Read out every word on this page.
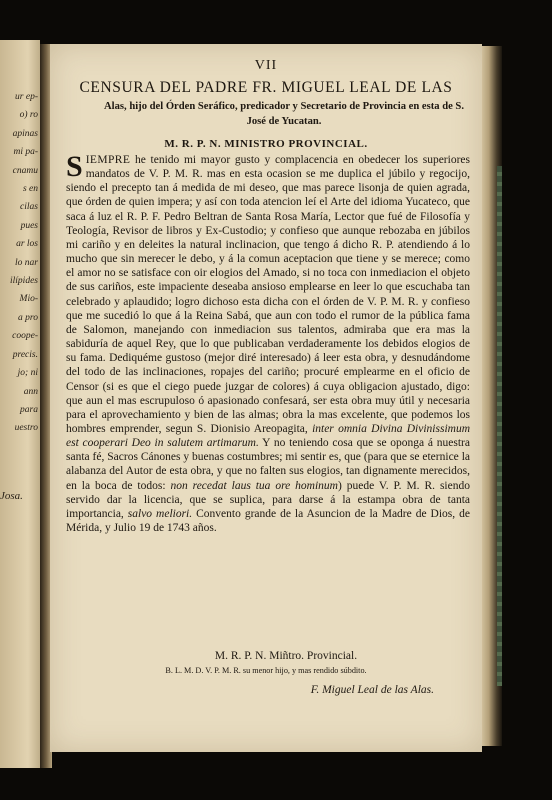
ur ep-
o) ro
apinas
mi pa-
cnamu
s en
cilas
pues
ar los
lo nar
ilípides
Mio-
a pro
coope-
precis.
jo; ni
ann
para
uestro
Josa.
VII
CENSURA DEL PADRE FR. MIGUEL LEAL DE LAS
Alas, hijo del Órden Seráfico, predicador y Secretario de Provincia en esta de S. José de Yucatan.
M. R. P. N. MINISTRO PROVINCIAL.
SIEMPRE he tenido mi mayor gusto y complacencia en obedecer los superiores mandatos de V. P. M. R. mas en esta ocasion se me duplica el júbilo y regocijo, siendo el precepto tan á medida de mi deseo, que mas parece lisonja de quien agrada, que órden de quien impera; y así con toda atencion leí el Arte del idioma Yucateco, que saca á luz el R. P. F. Pedro Beltran de Santa Rosa María, Lector que fué de Filosofía y Teología, Revisor de libros y Ex-Custodio; y confieso que aunque rebozaba en júbilos mi cariño y en deleites la natural inclinacion, que tengo á dicho R. P. atendiendo á lo mucho que sin merecer le debo, y á la comun aceptacion que tiene y se merece; como el amor no se satisface con oir elogios del Amado, si no toca con inmediacion el objeto de sus cariños, este impaciente deseaba ansioso emplearse en leer lo que escuchaba tan celebrado y aplaudido; logro dichoso esta dicha con el órden de V. P. M. R. y confieso que me sucedió lo que á la Reina Sabá, que aun con todo el rumor de la pública fama de Salomon, manejando con inmediacion sus talentos, admiraba que era mas la sabiduría de aquel Rey, que lo que publicaban verdaderamente los debidos elogios de su fama. Dediquéme gustoso (mejor diré interesado) á leer esta obra, y desnudándome del todo de las inclinaciones, ropajes del cariño; procuré emplearme en el oficio de Censor (si es que el ciego puede juzgar de colores) á cuya obligacion ajustado, digo: que aun el mas escrupuloso ó apasionado confesará, ser esta obra muy útil y necesaria para el aprovechamiento y bien de las almas; obra la mas excelente, que podemos los hombres emprender, segun S. Dionisio Areopagita, inter omnia Divina Divinissimum est cooperari Deo in salutem artimarum. Y no teniendo cosa que se oponga á nuestra santa fé, Sacros Cánones y buenas costumbres; mi sentir es, que (para que se eternice la alabanza del Autor de esta obra, y que no falten sus elogios, tan dignamente merecidos, en la boca de todos: non recedat laus tua ore hominum) puede V. P. M. R. siendo servido dar la licencia, que se suplica, para darse á la estampa obra de tanta importancia, salvo meliori. Convento grande de la Asuncion de la Madre de Dios, de Mérida, y Julio 19 de 1743 años.
M. R. P. N. Miñtro. Provincial.
B. L. M. D. V. P. M. R. su menor hijo, y mas rendido súbdito.
F. Miguel Leal de las Alas.
